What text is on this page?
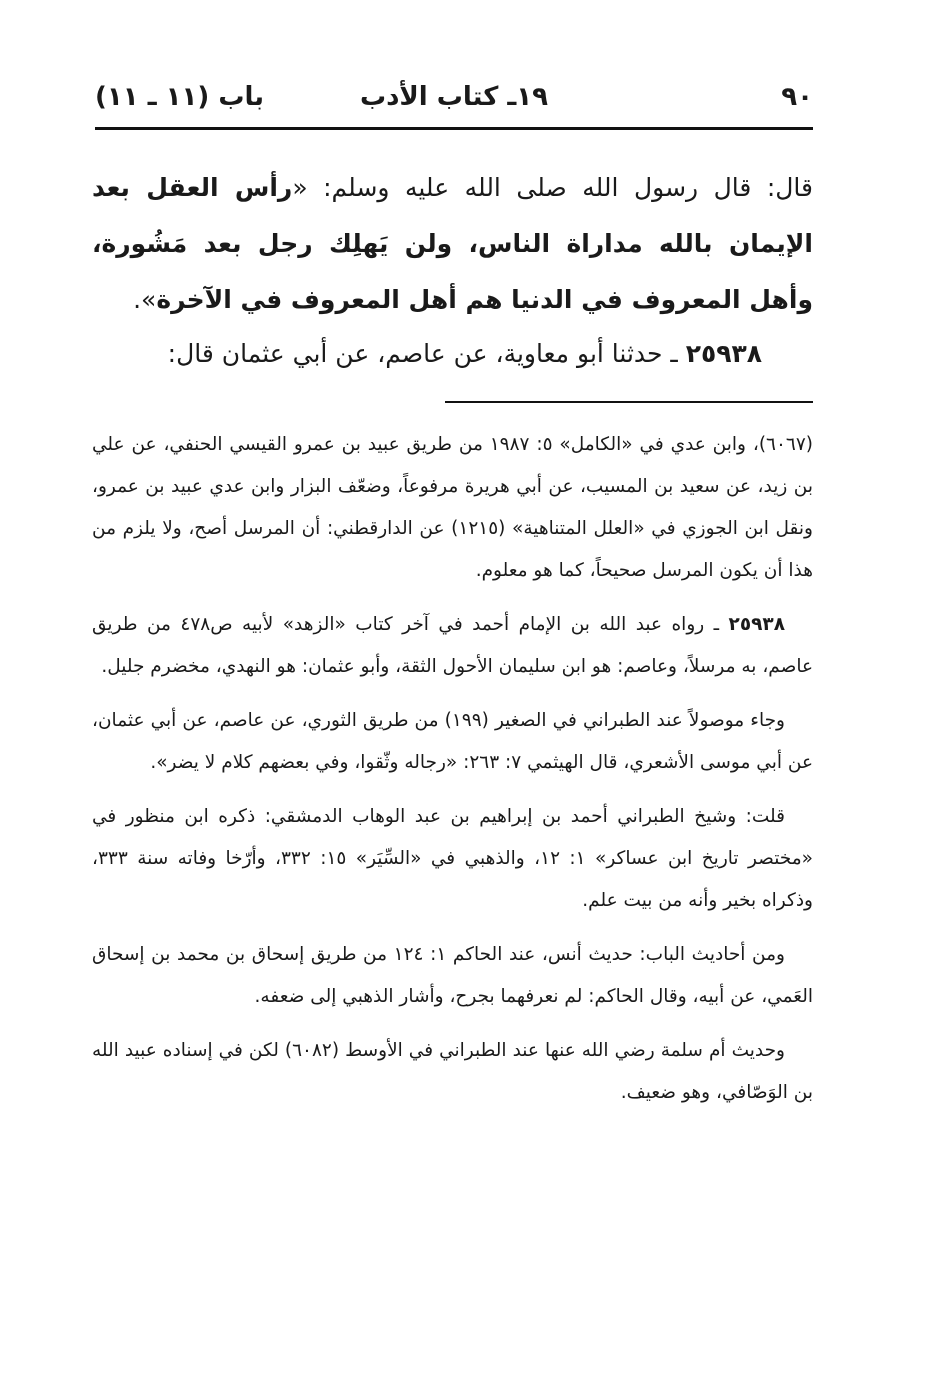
٩٠
١٩ـ كتاب الأدب
باب (١١ ـ ١١)
قال: قال رسول الله صلى الله عليه وسلم: «رأس العقل بعد الإيمان بالله مداراة الناس، ولن يَهلِك رجل بعد مَشُورة، وأهل المعروف في الدنيا هم أهل المعروف في الآخرة».
٢٥٩٣٨ ـ حدثنا أبو معاوية، عن عاصم، عن أبي عثمان قال:

(٦٠٦٧)، وابن عدي في «الكامل» ٥: ١٩٨٧ من طريق عبيد بن عمرو القيسي الحنفي، عن علي بن زيد، عن سعيد بن المسيب، عن أبي هريرة مرفوعاً، وضعّف البزار وابن عدي عبيد بن عمرو، ونقل ابن الجوزي في «العلل المتناهية» (١٢١٥) عن الدارقطني: أن المرسل أصح، ولا يلزم من هذا أن يكون المرسل صحيحاً، كما هو معلوم.

٢٥٩٣٨ ـ رواه عبد الله بن الإمام أحمد في آخر كتاب «الزهد» لأبيه ص٤٧٨ من طريق عاصم، به مرسلاً، وعاصم: هو ابن سليمان الأحول الثقة، وأبو عثمان: هو النهدي، مخضرم جليل.

وجاء موصولاً عند الطبراني في الصغير (١٩٩) من طريق الثوري، عن عاصم، عن أبي عثمان، عن أبي موسى الأشعري، قال الهيثمي ٧: ٢٦٣: «رجاله وثّقوا، وفي بعضهم كلام لا يضر».

قلت: وشيخ الطبراني أحمد بن إبراهيم بن عبد الوهاب الدمشقي: ذكره ابن منظور في «مختصر تاريخ ابن عساكر» ١: ١٢، والذهبي في «السِّيَر» ١٥: ٣٣٢، وأرّخا وفاته سنة ٣٣٣، وذكراه بخير وأنه من بيت علم.

ومن أحاديث الباب: حديث أنس، عند الحاكم ١: ١٢٤ من طريق إسحاق بن محمد بن إسحاق العَمي، عن أبيه، وقال الحاكم: لم نعرفهما بجرح، وأشار الذهبي إلى ضعفه.

وحديث أم سلمة رضي الله عنها عند الطبراني في الأوسط (٦٠٨٢) لكن في إسناده عبيد الله بن الوَصّافي، وهو ضعيف.
